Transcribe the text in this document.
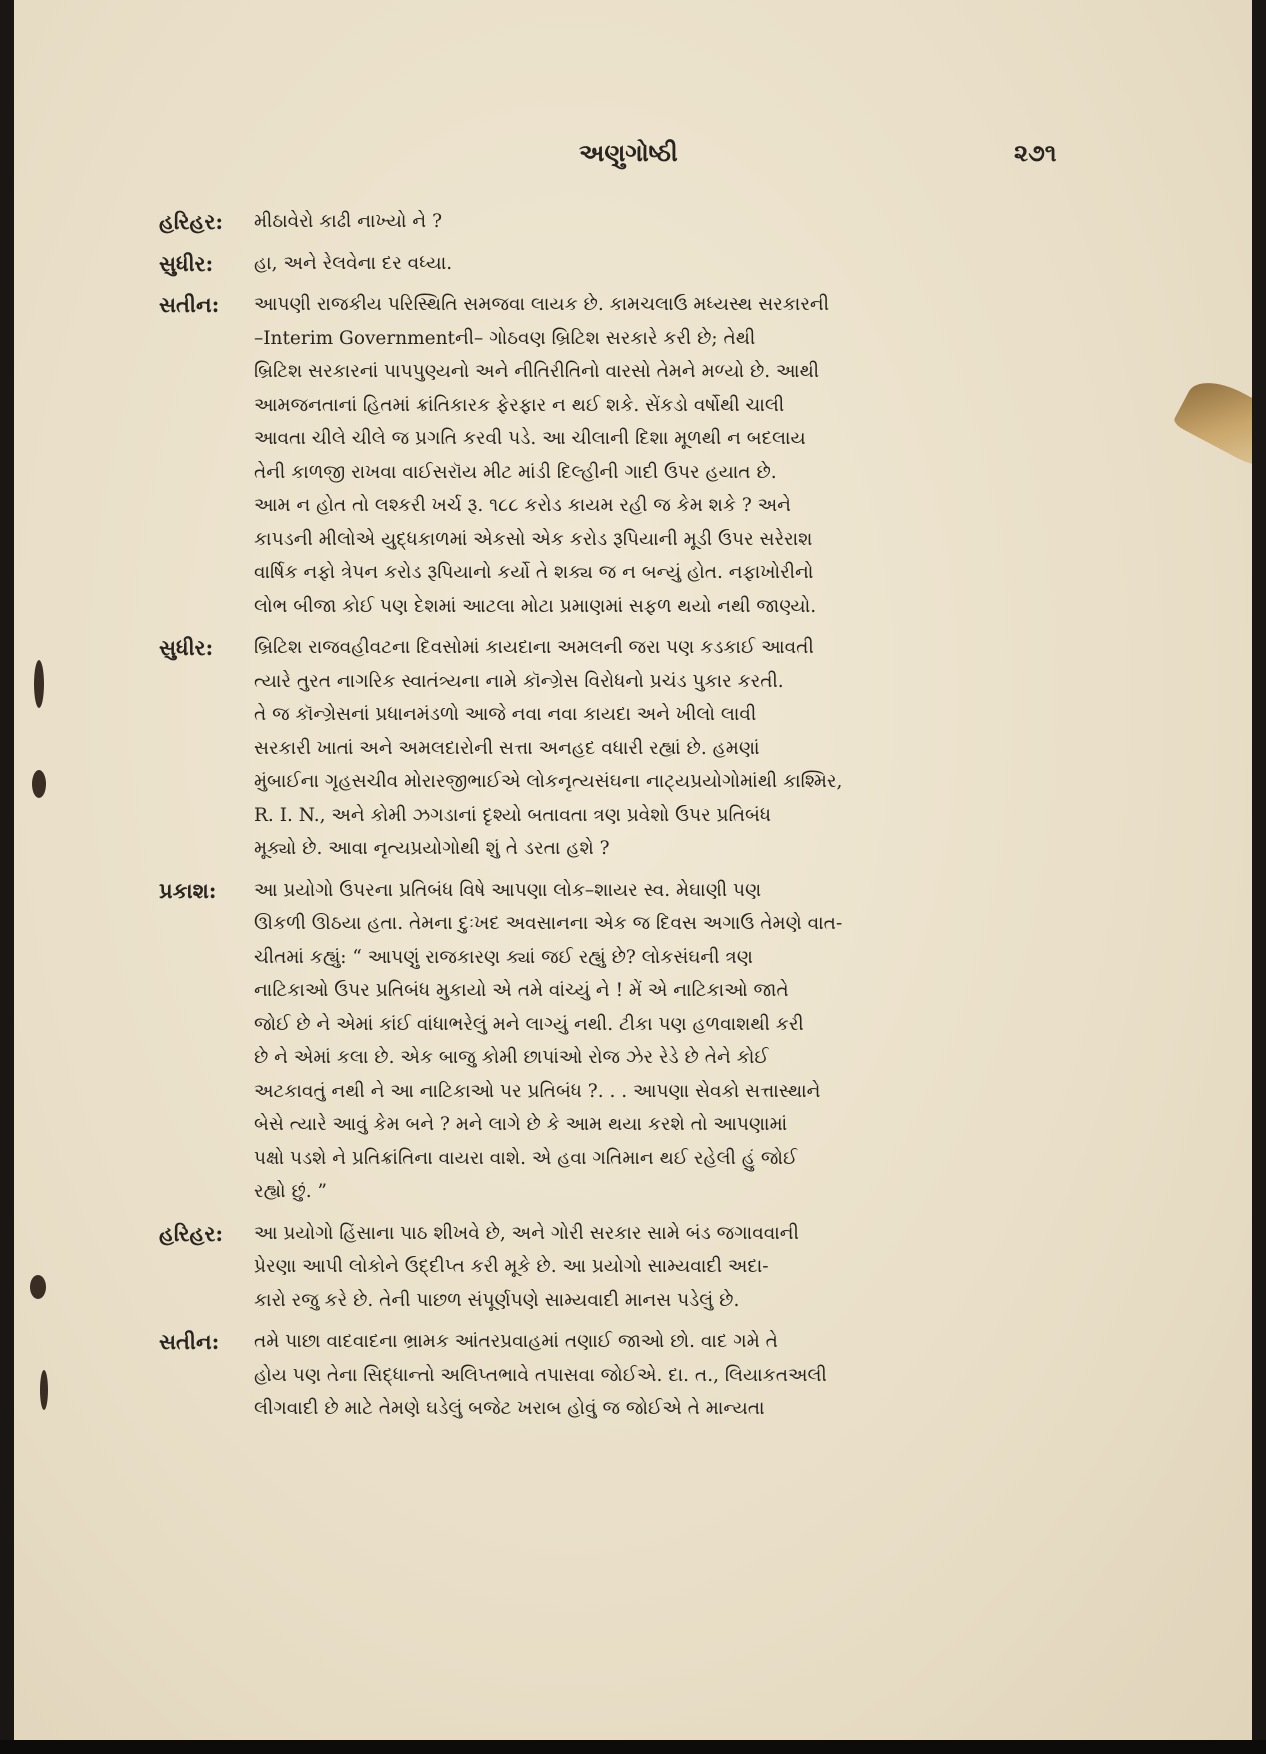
અણુગોષ્ઠી	૨૭૧
હરિહર:	મીઠાવેરો કાઢી નાખ્યો ને ?
સુધીર:	હા, અને રેલવેના દર વધ્યા.
સતીન:	આપણી રાજકીય પરિસ્થિતિ સમજવા લાયક છે. કામચલાઉ મધ્યસ્થ સરકારની
–Interim Governmentની– ગોઠવણ બ્રિટિશ સરકારે કરી છે; તેથી
બ્રિટિશ સરકારનાં પાપપુણ્યનો અને નીતિરીતિનો વારસો તેમને મળ્યો છે. આથી
આમજનતાનાં હિતમાં ક્રાંતિકારક ફેરફાર ન થઈ શકે. સેંકડો વર્ષોથી ચાલી
આવતા ચીલે ચીલે જ પ્રગતિ કરવી પડે. આ ચીલાની દિશા મૂળથી ન બદલાય
તેની કાળજી રાખવા વાઈસરૉય મીટ માંડી દિલ્હીની ગાદી ઉપર હયાત છે.
આમ ન હોત તો લશ્કરી ખર્ચ રૂ. ૧૮૮ કરોડ કાયમ રહી જ કેમ શકે ? અને
કાપડની મીલોએ યુદ્ધકાળમાં એકસો એક કરોડ રૂપિયાની મૂડી ઉપર સરેરાશ
વાર્ષિક નફો ત્રેપન કરોડ રૂપિયાનો કર્યો તે શક્ય જ ન બન્યું હોત. નફાખોરીનો
લોભ બીજા કોઈ પણ દેશમાં આટલા મોટા પ્રમાણમાં સફળ થયો નથી જાણ્યો.
સુધીર:	બ્રિટિશ રાજવહીવટના દિવસોમાં કાયદાના અમલની જરા પણ કડકાઈ આવતી
ત્યારે તુરત નાગરિક સ્વાતંત્ર્યના નામે કૉન્ગ્રેસ વિરોધનો પ્રચંડ પુકાર કરતી.
તે જ કૉન્ગ્રેસનાં પ્રધાનમંડળો આજે નવા નવા કાયદા અને ખીલો લાવી
સરકારી ખાતાં અને અમલદારોની સત્તા અનહદ વધારી રહ્યાં છે. હમણાં
મુંબાઈના ગૃહસચીવ મોરારજીભાઈએ લોકનૃત્યસંઘના નાટ્યપ્રયોગોમાંથી કાશ્મિર,
R. I. N., અને કોમી ઝગડાનાં દૃશ્યો બતાવતા ત્રણ પ્રવેશો ઉપર પ્રતિબંધ
મૂક્યો છે. આવા નૃત્યપ્રયોગોથી શું તે ડરતા હશે ?
પ્રકાશ:	આ પ્રયોગો ઉપરના પ્રતિબંધ વિષે આપણા લોક–શાયર સ્વ. મેઘાણી પણ
ઊકળી ઊઠયા હતા. તેમના દુઃખદ અવસાનના એક જ દિવસ અગાઉ તેમણે વાત-
ચીતમાં કહ્યું: “ આપણું રાજકારણ ક્યાં જઈ રહ્યું છે? લોકસંઘની ત્રણ
નાટિકાઓ ઉપર પ્રતિબંધ મુકાયો એ તમે વાંચ્યું ને ! મેં એ નાટિકાઓ જાતે
જોઈ છે ને એમાં કાંઈ વાંધાભરેલું મને લાગ્યું નથી. ટીકા પણ હળવાશથી કરી
છે ને એમાં કલા છે. એક બાજુ કોમી છાપાંઓ રોજ ઝેર રેડે છે તેને કોઈ
અટકાવતું નથી ને આ નાટિકાઓ પર પ્રતિબંધ ?. . . આપણા સેવકો સત્તાસ્થાને
બેસે ત્યારે આવું કેમ બને ? મને લાગે છે કે આમ થયા કરશે તો આપણામાં
પક્ષો પડશે ને પ્રતિક્રાંતિના વાયરા વાશે. એ હવા ગતિમાન થઈ રહેલી હું જોઈ
રહ્યો છું. ”
હરિહર:	આ પ્રયોગો હિંસાના પાઠ શીખવે છે, અને ગોરી સરકાર સામે બંડ જગાવવાની
પ્રેરણા આપી લોકોને ઉદ્દીપ્ત કરી મૂકે છે. આ પ્રયોગો સામ્યવાદી અદા-
કારો રજુ કરે છે. તેની પાછળ સંપૂર્ણપણે સામ્યવાદી માનસ પડેલું છે.
સતીન:	તમે પાછા વાદવાદના ભ્રામક આંતરપ્રવાહમાં તણાઈ જાઓ છો. વાદ ગમે તે
હોય પણ તેના સિદ્ધાન્તો અલિપ્તભાવે તપાસવા જોઈએ. દા. ત., લિયાકતઅલી
લીગવાદી છે માટે તેમણે ઘડેલું બજેટ ખરાબ હોવું જ જોઈએ તે માન્યતા
